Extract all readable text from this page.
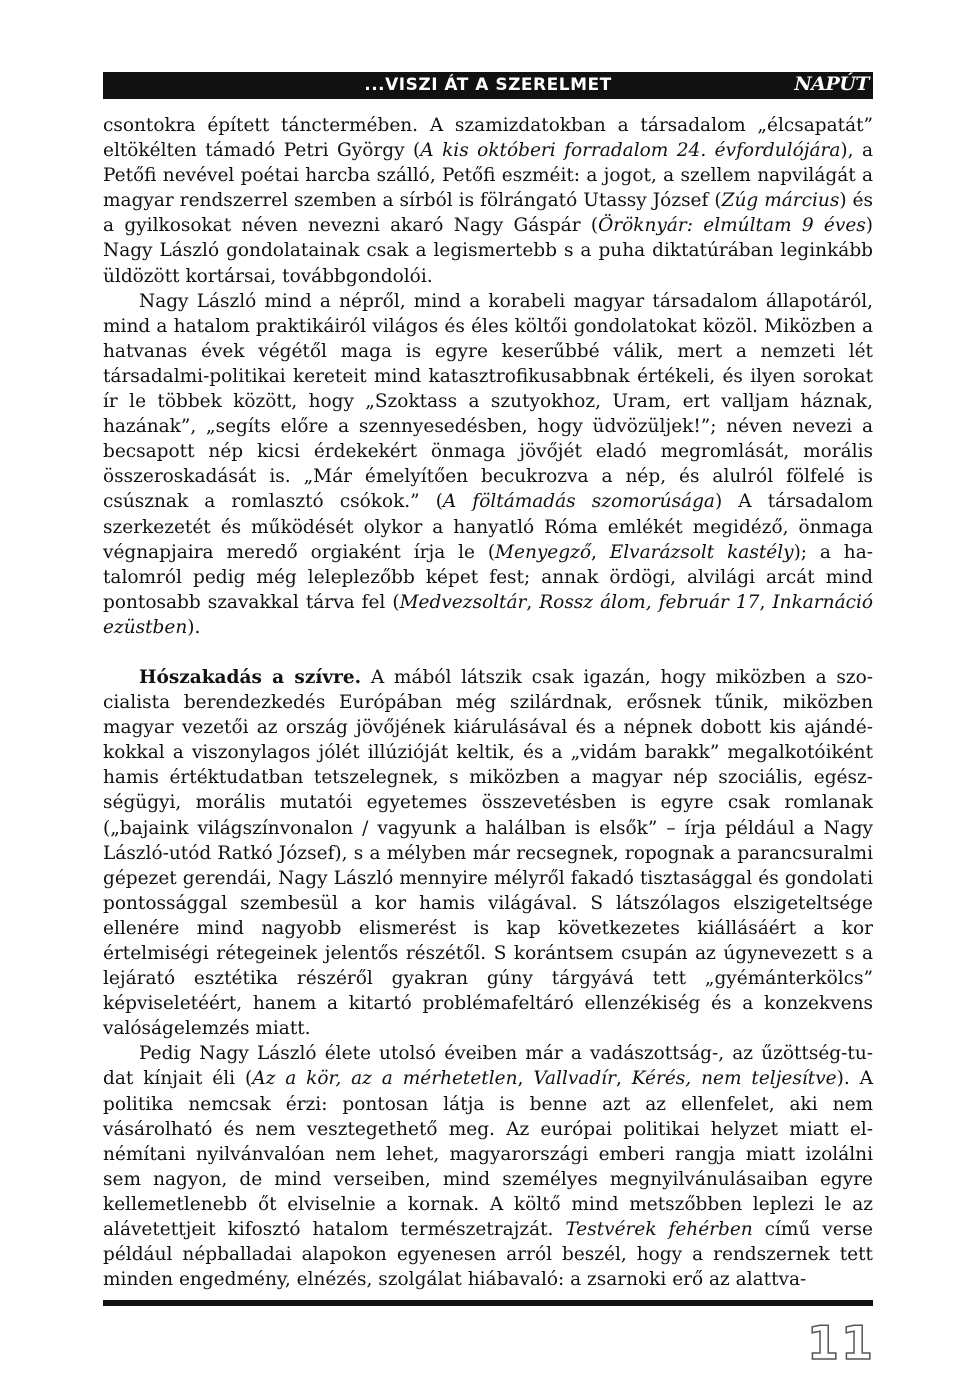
...VISZI ÁT A SZERELMET	NAPÚT

csontokra épített tánctermében. A szamizdatokban a társadalom „élcsapatát” eltökélten támadó Petri György (A kis októberi forradalom 24. évfordulójára), a Petőfi nevével poétai harcba szálló, Petőfi eszméit: a jogot, a szellem napvilágát a magyar rendszerrel szemben a sírból is fölrángató Utassy József (Zúg március) és a gyilkosokat néven nevezni akaró Nagy Gáspár (Öröknyár: elmúltam 9 éves) Nagy László gondolatainak csak a legismertebb s a puha diktatúrában leginkább üldözött kortársai, továbbgondolói.

Nagy László mind a népről, mind a korabeli magyar társadalom állapotáról, mind a hatalom praktikáiról világos és éles költői gondolatokat közöl. Miközben a hatvanas évek végétől maga is egyre keserűbbé válik, mert a nemzeti lét társadalmi-politikai kereteit mind katasztrofikusabbnak értékeli, és ilyen sorokat ír le többek között, hogy „Szoktass a szutyokhoz, Uram, ert valljam háznak, hazának”, „segíts előre a szennyesedésben, hogy üdvözüljek!”; néven nevezi a becsapott nép kicsi érdekekért önmaga jövőjét eladó megromlását, morális összeroskadását is. „Már émelyítően becukrozva a nép, és alulról fölfelé is csúsznak a romlasztó csókok.” (A föltámadás szomorúsága) A társadalom szerkezetét és működését olykor a hanyatló Róma emlékét megidéző, önmaga végnapjaira meredő orgiaként írja le (Menyegző, Elvarázsolt kastély); a hatalomról pedig még leleplezőbb képet fest; annak ördögi, alvilági arcát mind pontosabb szavakkal tárva fel (Medvezsoltár, Rossz álom, február 17, Inkarnáció ezüstben).

Hószakadás a szívre. A mából látszik csak igazán, hogy miközben a szocialista berendezkedés Európában még szilárdnak, erősnek tűnik, miközben magyar vezetői az ország jövőjének kiárulásával és a népnek dobott kis ajándékokkal a viszonylagos jólét illúzióját keltik, és a „vidám barakk” megalkotóiként hamis értéktudatban tetszelegnek, s miközben a magyar nép szociális, egészségügyi, morális mutatói egyetemes összevetésben is egyre csak romlanak („bajaink világszínvonalon / vagyunk a halálban is elsők” – írja például a Nagy László-utód Ratkó József), s a mélyben már recsegnek, ropognak a parancsuralmi gépezet gerendái, Nagy László mennyire mélyről fakadó tisztasággal és gondolati pontossággal szembesül a kor hamis világával. S látszólagos elszigeteltsége ellenére mind nagyobb elismerést is kap következetes kiállásáért a kor értelmiségi rétegeinek jelentős részétől. S korántsem csupán az úgynevezett s a lejárató esztétika részéről gyakran gúny tárgyává tett „gyémánterkölcs” képviseletéért, hanem a kitartó problémafeltáró ellenzékiség és a konzekvens valóságelemzés miatt.

Pedig Nagy László élete utolsó éveiben már a vadászottság-, az űzöttség-tudat kínjait éli (Az a kör, az a mérhetetlen, Vallvadír, Kérés, nem teljesítve). A politika nemcsak érzi: pontosan látja is benne azt az ellenfelet, aki nem vásárolható és nem vesztegethető meg. Az európai politikai helyzet miatt elnémítani nyilvánvalóan nem lehet, magyarországi emberi rangja miatt izolálni sem nagyon, de mind verseiben, mind személyes megnyilvánulásaiban egyre kellemetlenebb őt elviselnie a kornak. A költő mind metszőbben leplezi le az alávetettjeit kifosztó hatalom természetrajzát. Testvérek fehérben című verse például népballadai alapokon egyenesen arról beszél, hogy a rendszernek tett minden engedmény, elnézés, szolgálat hiábavaló: a zsarnoki erő az alattva-

11
